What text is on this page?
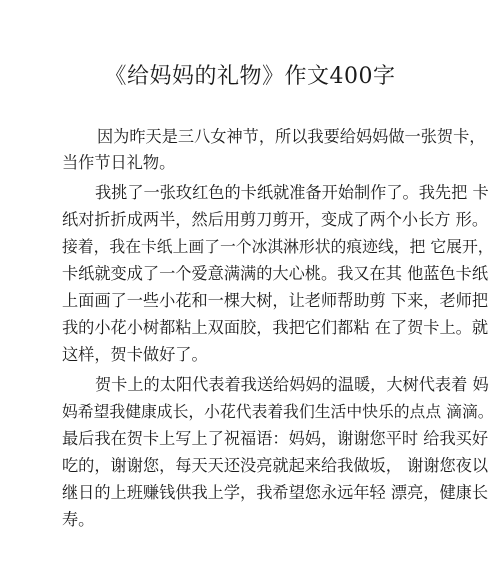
《给妈妈的礼物》作文400字

因为昨天是三八女神节，所以我要给妈妈做一张贺卡，

当作节日礼物。

我挑了一张玫红色的卡纸就准备开始制作了。我先把 卡

纸对折折成两半，然后用剪刀剪开，变成了两个小长方 形。

接着，我在卡纸上画了一个冰淇淋形状的痕迹线，把 它展开，

卡纸就变成了一个爱意满满的大心桃。我又在其 他蓝色卡纸

上面画了一些小花和一棵大树，让老师帮助剪 下来，老师把

我的小花小树都粘上双面胶，我把它们都粘 在了贺卡上。就

这样，贺卡做好了。

贺卡上的太阳代表着我送给妈妈的温暖，大树代表着 妈

妈希望我健康成长，小花代表着我们生活中快乐的点点 滴滴。

最后我在贺卡上写上了祝福语：妈妈，谢谢您平时 给我买好

吃的，谢谢您，每天天还没亮就起来给我做坂， 谢谢您夜以

继日的上班赚钱供我上学，我希望您永远年轻 漂亮，健康长

寿。
